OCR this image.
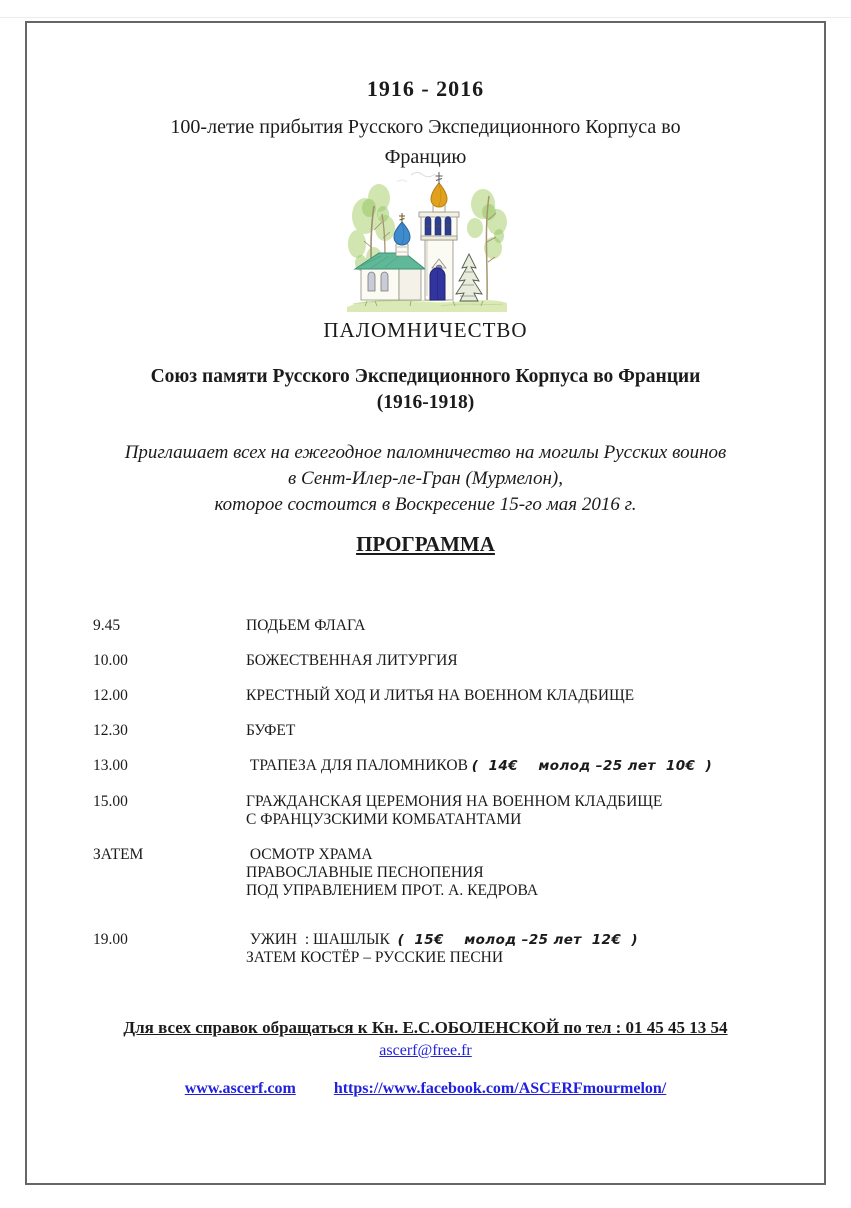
1916 - 2016
100-летие прибытия Русского Экспедиционного Корпуса во
Францию
ПАЛОМНИЧЕСТВО
Союз памяти Русского Экспедиционного Корпуса во Франции
(1916-1918)
Приглашает всех на ежегодное паломничество на могилы Русских воинов
в Сент-Илер-ле-Гран (Мурмелон),
которое состоится в Воскресение 15-го мая 2016 г.
ПРОГРАММА
9.45	ПОДЬЕМ ФЛАГА
10.00	БОЖЕСТВЕННАЯ ЛИТУРГИЯ
12.00	КРЕСТНЫЙ ХОД И ЛИТЬЯ НА ВОЕННОМ КЛАДБИЩЕ
12.30	БУФЕТ
13.00	ТРАПЕЗА ДЛЯ ПАЛОМНИКОВ (  14€    молод –25 лет  10€  )
15.00	ГРАЖДАНСКАЯ ЦЕРЕМОНИЯ НА ВОЕННОМ КЛАДБИЩЕ
С ФРАНЦУЗСКИМИ КОМБАТАНТАМИ
ЗАТЕМ	ОСМОТР ХРАМА
ПРАВОСЛАВНЫЕ ПЕСНОПЕНИЯ
ПОД УПРАВЛЕНИЕМ ПРОТ. А. КЕДРОВА
19.00	УЖИН  : ШАШЛЫК  (  15€    молод –25 лет  12€  )
ЗАТЕМ КОСТЁР – РУССКИЕ ПЕСНИ
Для всех справок обращаться к Кн. Е.С.ОБОЛЕНСКОЙ по тел : 01 45 45 13 54
ascerf@free.fr
www.ascerf.com https://www.facebook.com/ASCERFmourmelon/
